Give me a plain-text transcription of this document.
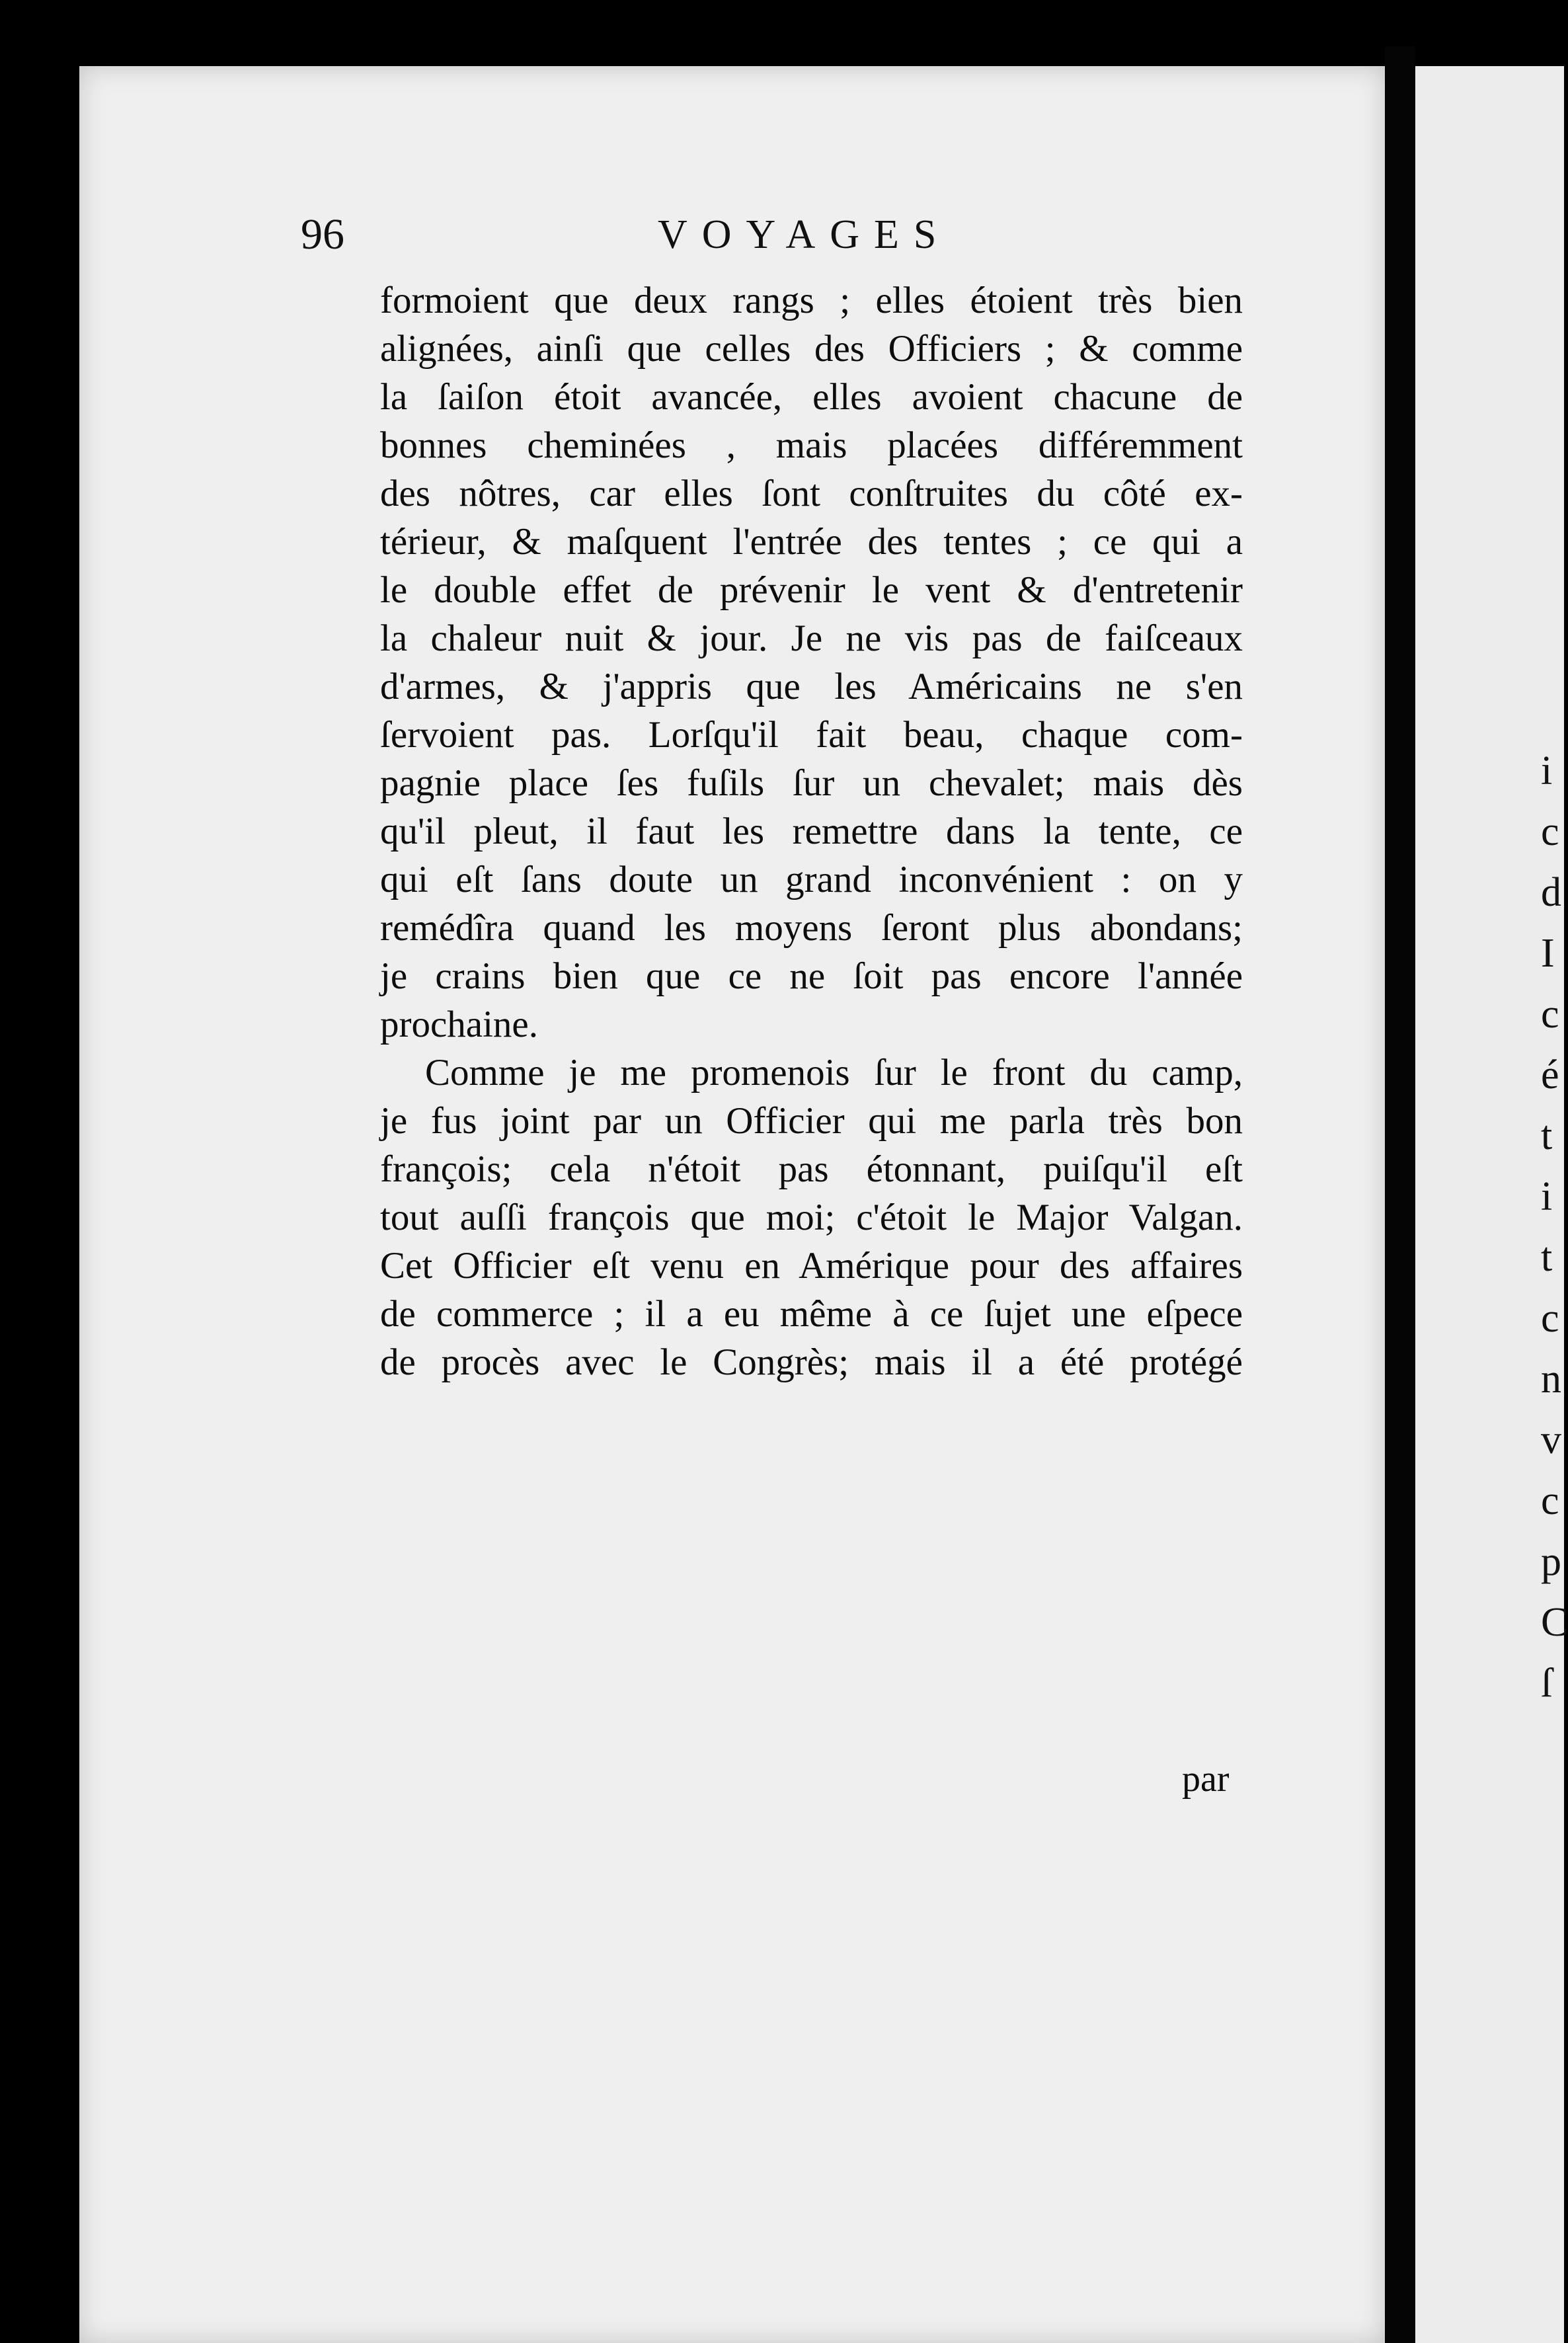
96	VOYAGES
formoient que deux rangs ; elles étoient très bien
alignées, ainſi que celles des Officiers ; & comme
la ſaiſon étoit avancée, elles avoient chacune de
bonnes cheminées , mais placées différemment
des nôtres, car elles ſont conſtruites du côté ex-
térieur, & maſquent l'entrée des tentes ; ce qui a
le double effet de prévenir le vent & d'entretenir
la chaleur nuit & jour. Je ne vis pas de faiſceaux
d'armes, & j'appris que les Américains ne s'en
ſervoient pas. Lorſqu'il fait beau, chaque com-
pagnie place ſes fuſils ſur un chevalet; mais dès
qu'il pleut, il faut les remettre dans la tente, ce
qui eſt ſans doute un grand inconvénient : on y
remédîra quand les moyens ſeront plus abondans;
je crains bien que ce ne ſoit pas encore l'année
prochaine.
Comme je me promenois ſur le front du camp,
je fus joint par un Officier qui me parla très bon
françois; cela n'étoit pas étonnant, puiſqu'il eſt
tout auſſi françois que moi; c'étoit le Major Valgan.
Cet Officier eſt venu en Amérique pour des affaires
de commerce ; il a eu même à ce ſujet une eſpece
de procès avec le Congrès; mais il a été protégé
par
i
c
d
I
c
é
t
i
t
c
n
v
c
p
C
ſ
